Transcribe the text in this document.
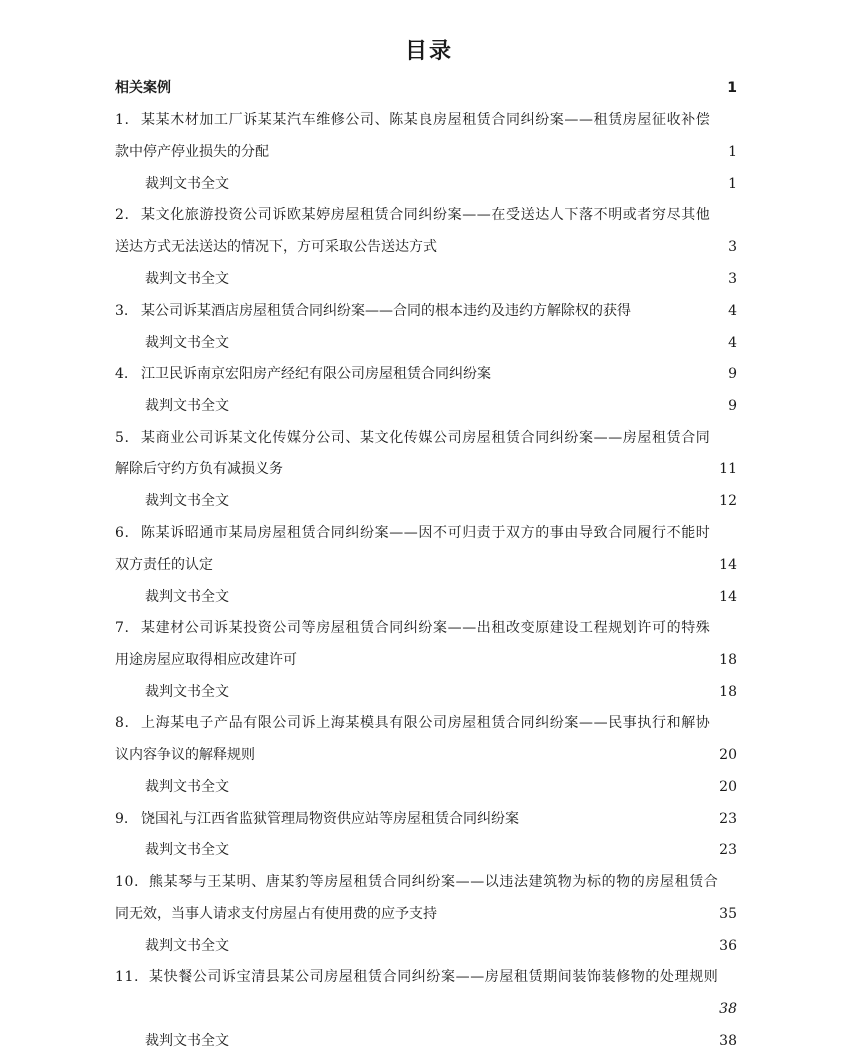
目录
相关案例	1
1. 某某木材加工厂诉某某汽车维修公司、陈某良房屋租赁合同纠纷案——租赁房屋征收补偿
款中停产停业损失的分配	1
裁判文书全文	1
2. 某文化旅游投资公司诉欧某婷房屋租赁合同纠纷案——在受送达人下落不明或者穷尽其他
送达方式无法送达的情况下，方可采取公告送达方式	3
裁判文书全文	3
3. 某公司诉某酒店房屋租赁合同纠纷案——合同的根本违约及违约方解除权的获得	4
裁判文书全文	4
4. 江卫民诉南京宏阳房产经纪有限公司房屋租赁合同纠纷案	9
裁判文书全文	9
5. 某商业公司诉某文化传媒分公司、某文化传媒公司房屋租赁合同纠纷案——房屋租赁合同
解除后守约方负有减损义务	11
裁判文书全文	12
6. 陈某诉昭通市某局房屋租赁合同纠纷案——因不可归责于双方的事由导致合同履行不能时
双方责任的认定	14
裁判文书全文	14
7. 某建材公司诉某投资公司等房屋租赁合同纠纷案——出租改变原建设工程规划许可的特殊
用途房屋应取得相应改建许可	18
裁判文书全文	18
8. 上海某电子产品有限公司诉上海某模具有限公司房屋租赁合同纠纷案——民事执行和解协
议内容争议的解释规则	20
裁判文书全文	20
9. 饶国礼与江西省监狱管理局物资供应站等房屋租赁合同纠纷案	23
裁判文书全文	23
10. 熊某琴与王某明、唐某豹等房屋租赁合同纠纷案——以违法建筑物为标的物的房屋租赁合
同无效，当事人请求支付房屋占有使用费的应予支持	35
裁判文书全文	36
11. 某快餐公司诉宝清县某公司房屋租赁合同纠纷案——房屋租赁期间装饰装修物的处理规则
38
裁判文书全文	38
